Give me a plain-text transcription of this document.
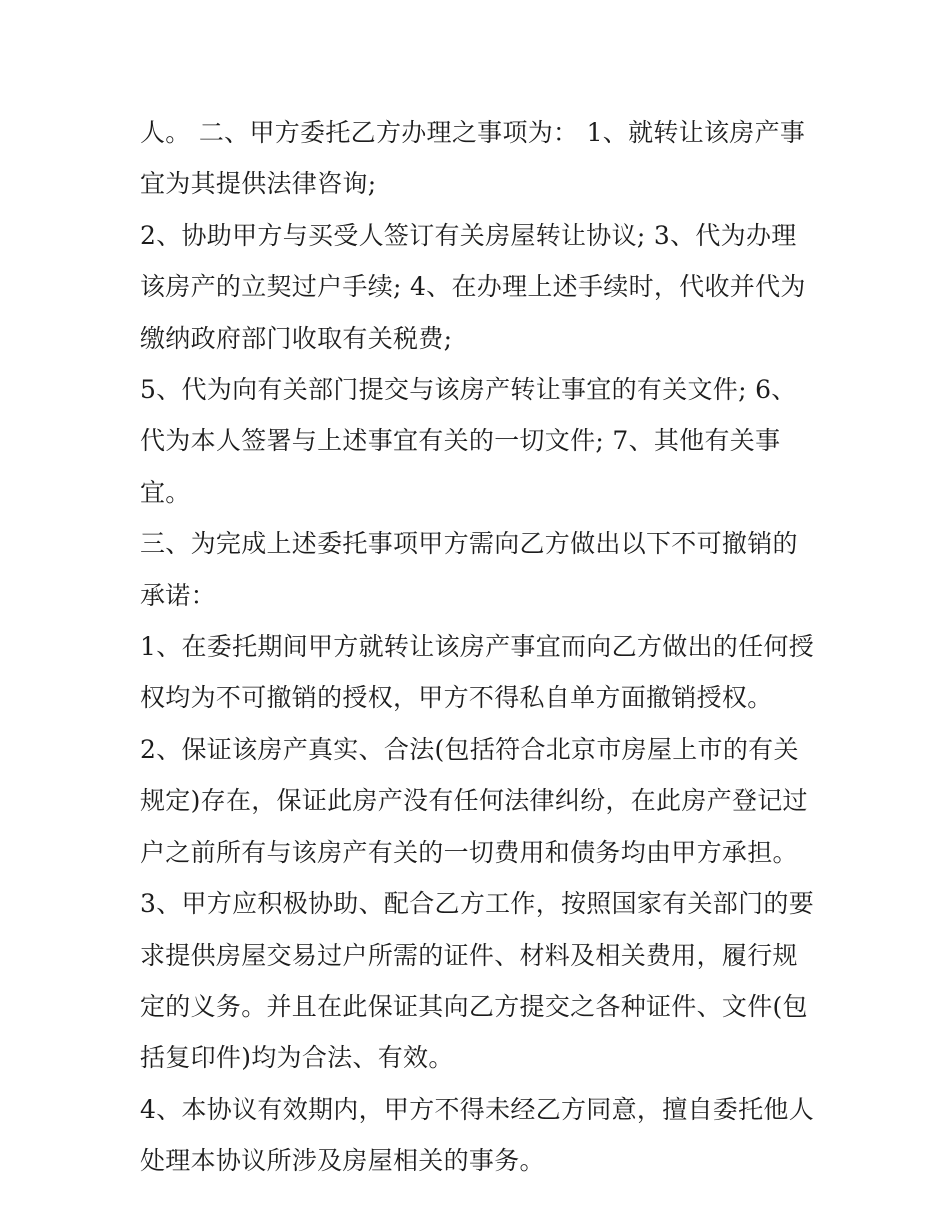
人。 二、甲方委托乙方办理之事项为： 1、就转让该房产事宜为其提供法律咨询;

2、协助甲方与买受人签订有关房屋转让协议; 3、代为办理该房产的立契过户手续; 4、在办理上述手续时，代收并代为缴纳政府部门收取有关税费;

5、代为向有关部门提交与该房产转让事宜的有关文件; 6、代为本人签署与上述事宜有关的一切文件; 7、其他有关事宜。

三、为完成上述委托事项甲方需向乙方做出以下不可撤销的承诺：

1、在委托期间甲方就转让该房产事宜而向乙方做出的任何授权均为不可撤销的授权，甲方不得私自单方面撤销授权。

2、保证该房产真实、合法(包括符合北京市房屋上市的有关规定)存在，保证此房产没有任何法律纠纷，在此房产登记过户之前所有与该房产有关的一切费用和债务均由甲方承担。

3、甲方应积极协助、配合乙方工作，按照国家有关部门的要求提供房屋交易过户所需的证件、材料及相关费用，履行规定的义务。并且在此保证其向乙方提交之各种证件、文件(包括复印件)均为合法、有效。

4、本协议有效期内，甲方不得未经乙方同意，擅自委托他人处理本协议所涉及房屋相关的事务。
